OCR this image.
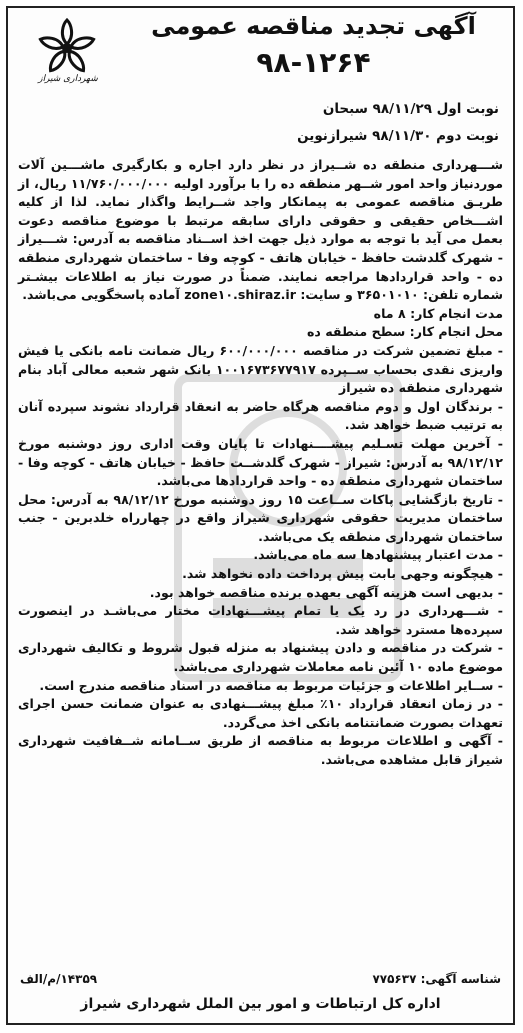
شهرداری شیراز
آگهی تجدید مناقصه عمومی
۹۸-۱۲۶۴
نوبت اول ۹۸/۱۱/۲۹ سبحان
نوبت دوم ۹۸/۱۱/۳۰ شیرازنوین

شـــهرداری منطقه ده شــیراز در نظر دارد اجاره و بکارگیری ماشـــین آلات موردنیاز واحد امور شــهر منطقه ده را با برآورد اولیه ۱۱/۷۶۰/۰۰۰/۰۰۰ ریال، از طریـق مناقصه عمومی به پیمانکار واجد شــرایط واگذار نماید. لذا از کلیه اشـــخاص حقیقی و حقوقی دارای سابقه مرتبط با موضوع مناقصه دعوت بعمل می آید با توجه به موارد ذیل جهت اخذ اســناد مناقصه به آدرس: شـــیراز - شهرک گلدشت حافظ - خیابان هاتف - کوچه وفا - ساختمان شهرداری منطقه ده - واحد قراردادها مراجعه نمایند. ضمناً در صورت نیاز به اطلاعات بیشـتر شماره تلفن: ۳۶۵۰۱۰۱۰ و سایت: zone۱۰.shiraz.ir آماده پاسخگویی می‌باشد.

مدت انجام کار: ۸ ماه

محل انجام کار: سطح منطقه ده

- مبلغ تضمین شرکت در مناقصه ۶۰۰/۰۰۰/۰۰۰ ریال ضمانت نامه بانکی یا فیش واریزی نقدی بحساب ســپرده ۱۰۰۱۶۷۳۶۷۷۹۱۷ بانک شهر شعبه معالی آباد بنام شهرداری منطقه ده شیراز

- برندگان اول و دوم مناقصه هرگاه حاضر به انعقاد قرارداد نشوند سپرده آنان به ترتیب ضبط خواهد شد.

- آخرین مهلت تسـلیم پیشــــنهادات تا پایان وقت اداری روز دوشنبه مورخ ۹۸/۱۲/۱۲ به آدرس: شیراز - شهرک گلدشــت حافظ - خیابان هاتف - کوچه وفا - ساختمان شهرداری منطقه ده - واحد قراردادها می‌باشد.

- تاریخ بازگشایی پاکات ســاعت ۱۵ روز دوشنبه مورخ ۹۸/۱۲/۱۲ به آدرس: محل ساختمان مدیریت حقوقی شهرداری شیراز واقع در چهارراه خلدبرین - جنب ساختمان شهرداری منطقه یک می‌باشد.

- مدت اعتبار پیشنهادها سه ماه می‌باشد.

- هیچگونه وجهی بابت پیش پرداخت داده نخواهد شد.

- بدیهی است هزینه آگهی بعهده برنده مناقصه خواهد بود.

- شـــهرداری در رد یک یا تمام پیشـــنهادات مختار می‌باشـد در اینصورت سپرده‌ها مسترد خواهد شد.

- شرکت در مناقصه و دادن پیشنهاد به منزله قبول شروط و تکالیف شهرداری موضوع ماده ۱۰ آئین نامه معاملات شهرداری می‌باشد.

- ســایر اطلاعات و جزئیات مربوط به مناقصه در اسناد مناقصه مندرج است.

- در زمان انعقاد قرارداد ۱۰٪ مبلغ پیشـــنهادی به عنوان ضمانت حسن اجرای تعهدات بصورت ضمانتنامه بانکی اخذ می‌گردد.

- آگهی و اطلاعات مربوط به مناقصه از طریق ســامانه شــفافیت شهرداری شیراز قابل مشاهده می‌باشد.

شناسه آگهی: ۷۷۵۶۳۷
۱۴۳۵۹/م/الف
اداره کل ارتباطات و امور بین الملل شهرداری شیراز
